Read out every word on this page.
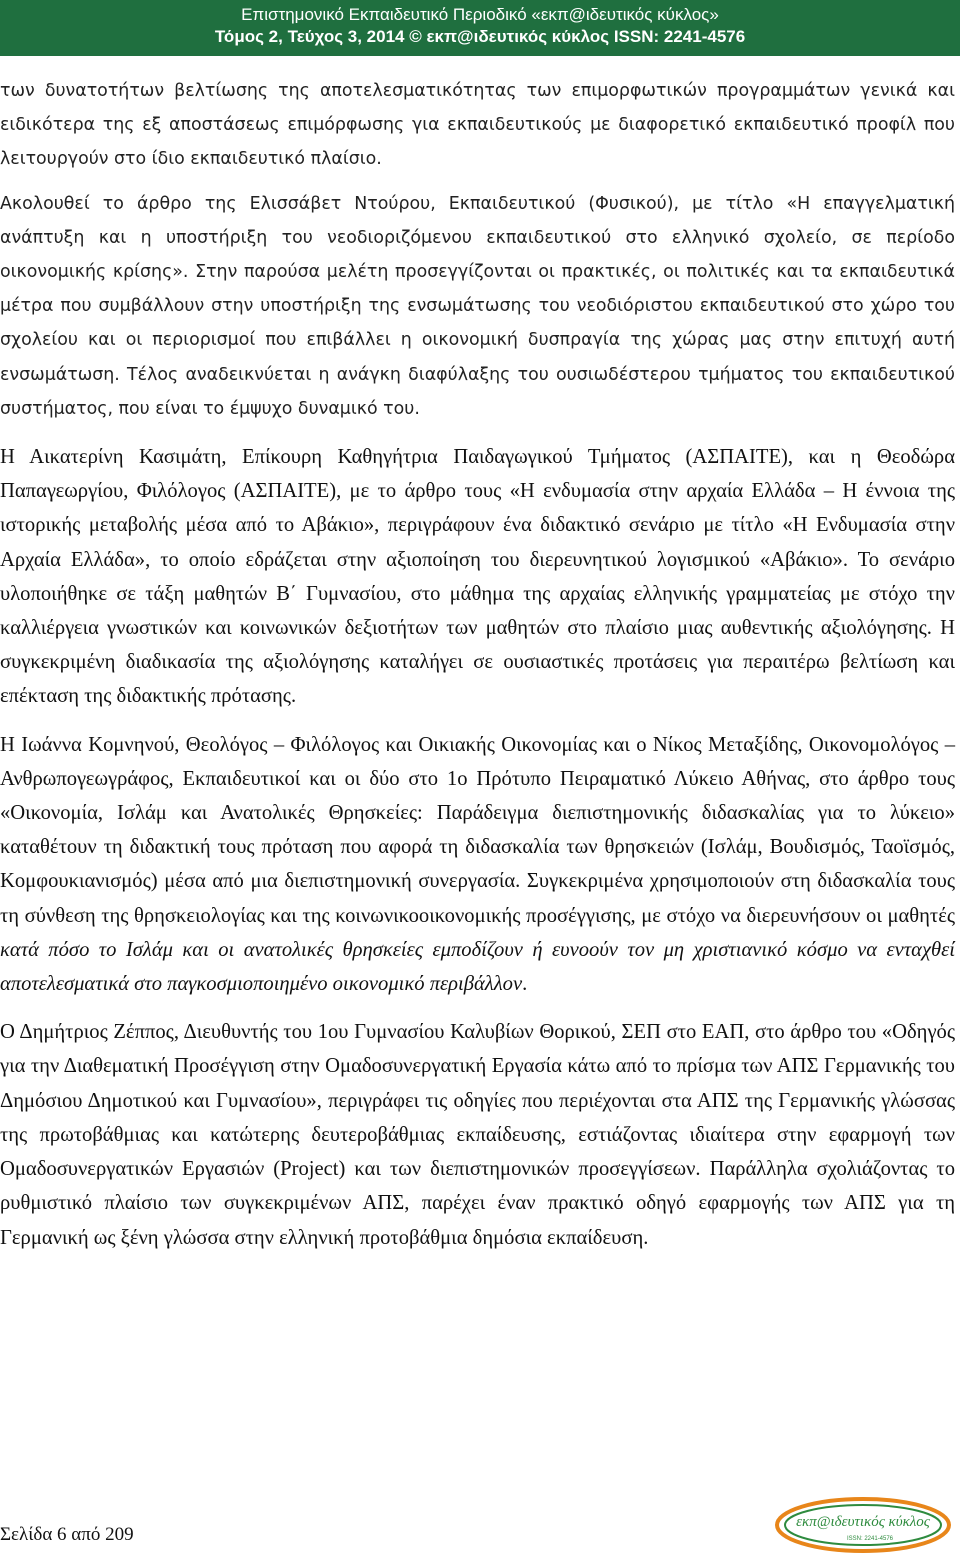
Επιστημονικό Εκπαιδευτικό Περιοδικό «εκπ@ιδευτικός κύκλος»
Τόμος 2, Τεύχος 3, 2014 © εκπ@ιδευτικός κύκλος ISSN: 2241-4576

των δυνατοτήτων βελτίωσης της αποτελεσματικότητας των επιμορφωτικών προγραμμάτων γενικά και ειδικότερα της εξ αποστάσεως επιμόρφωσης για εκπαιδευτικούς με διαφορετικό εκπαιδευτικό προφίλ που λειτουργούν στο ίδιο εκπαιδευτικό πλαίσιο.

Ακολουθεί το άρθρο της Ελισσάβετ Ντούρου, Εκπαιδευτικού (Φυσικού), με τίτλο «Η επαγγελματική ανάπτυξη και η υποστήριξη του νεοδιοριζόμενου εκπαιδευτικού στο ελληνικό σχολείο, σε περίοδο οικονομικής κρίσης». Στην παρούσα μελέτη προσεγγίζονται οι πρακτικές, οι πολιτικές και τα εκπαιδευτικά μέτρα που συμβάλλουν στην υποστήριξη της ενσωμάτωσης του νεοδιόριστου εκπαιδευτικού στο χώρο του σχολείου και οι περιορισμοί που επιβάλλει η οικονομική δυσπραγία της χώρας μας στην επιτυχή αυτή ενσωμάτωση. Τέλος αναδεικνύεται η ανάγκη διαφύλαξης του ουσιωδέστερου τμήματος του εκπαιδευτικού συστήματος, που είναι το έμψυχο δυναμικό του.

Η Αικατερίνη Κασιμάτη, Επίκουρη Καθηγήτρια Παιδαγωγικού Τμήματος (ΑΣΠΑΙΤΕ), και η Θεοδώρα Παπαγεωργίου, Φιλόλογος (ΑΣΠΑΙΤΕ), με το άρθρο τους «Η ενδυμασία στην αρχαία Ελλάδα – Η έννοια της ιστορικής μεταβολής μέσα από το Αβάκιο», περιγράφουν ένα διδακτικό σενάριο με τίτλο «Η Ενδυμασία στην Αρχαία Ελλάδα», το οποίο εδράζεται στην αξιοποίηση του διερευνητικού λογισμικού «Αβάκιο». Το σενάριο υλοποιήθηκε σε τάξη μαθητών Β΄ Γυμνασίου, στο μάθημα της αρχαίας ελληνικής γραμματείας με στόχο την καλλιέργεια γνωστικών και κοινωνικών δεξιοτήτων των μαθητών στο πλαίσιο μιας αυθεντικής αξιολόγησης. Η συγκεκριμένη διαδικασία της αξιολόγησης καταλήγει σε ουσιαστικές προτάσεις για περαιτέρω βελτίωση και επέκταση της διδακτικής πρότασης.

Η Ιωάννα Κομνηνού, Θεολόγος – Φιλόλογος και Οικιακής Οικονομίας και ο Νίκος Μεταξίδης, Οικονομολόγος – Ανθρωπογεωγράφος, Εκπαιδευτικοί και οι δύο στο 1ο Πρότυπο Πειραματικό Λύκειο Αθήνας, στο άρθρο τους «Οικονομία, Ισλάμ και Ανατολικές Θρησκείες: Παράδειγμα διεπιστημονικής διδασκαλίας για το λύκειο» καταθέτουν τη διδακτική τους πρόταση που αφορά τη διδασκαλία των θρησκειών (Ισλάμ, Βουδισμός, Ταοϊσμός, Κομφουκιανισμός) μέσα από μια διεπιστημονική συνεργασία. Συγκεκριμένα χρησιμοποιούν στη διδασκαλία τους τη σύνθεση της θρησκειολογίας και της κοινωνικοοικονομικής προσέγγισης, με στόχο να διερευνήσουν οι μαθητές κατά πόσο το Ισλάμ και οι ανατολικές θρησκείες εμποδίζουν ή ευνοούν τον μη χριστιανικό κόσμο να ενταχθεί αποτελεσματικά στο παγκοσμιοποιημένο οικονομικό περιβάλλον.

Ο Δημήτριος Ζέππος, Διευθυντής του 1ου Γυμνασίου Καλυβίων Θορικού, ΣΕΠ στο ΕΑΠ, στο άρθρο του «Οδηγός για την Διαθεματική Προσέγγιση στην Ομαδοσυνεργατική Εργασία κάτω από το πρίσμα των ΑΠΣ Γερμανικής του Δημόσιου Δημοτικού και Γυμνασίου», περιγράφει τις οδηγίες που περιέχονται στα ΑΠΣ της Γερμανικής γλώσσας της πρωτοβάθμιας και κατώτερης δευτεροβάθμιας εκπαίδευσης, εστιάζοντας ιδιαίτερα στην εφαρμογή των Ομαδοσυνεργατικών Εργασιών (Project) και των διεπιστημονικών προσεγγίσεων. Παράλληλα σχολιάζοντας το ρυθμιστικό πλαίσιο των συγκεκριμένων ΑΠΣ, παρέχει έναν πρακτικό οδηγό εφαρμογής των ΑΠΣ για τη Γερμανική ως ξένη γλώσσα στην ελληνική προτοβάθμια δημόσια εκπαίδευση.

Σελίδα 6 από 209
εκπ@ιδευτικός κύκλος
ISSN: 2241-4576
